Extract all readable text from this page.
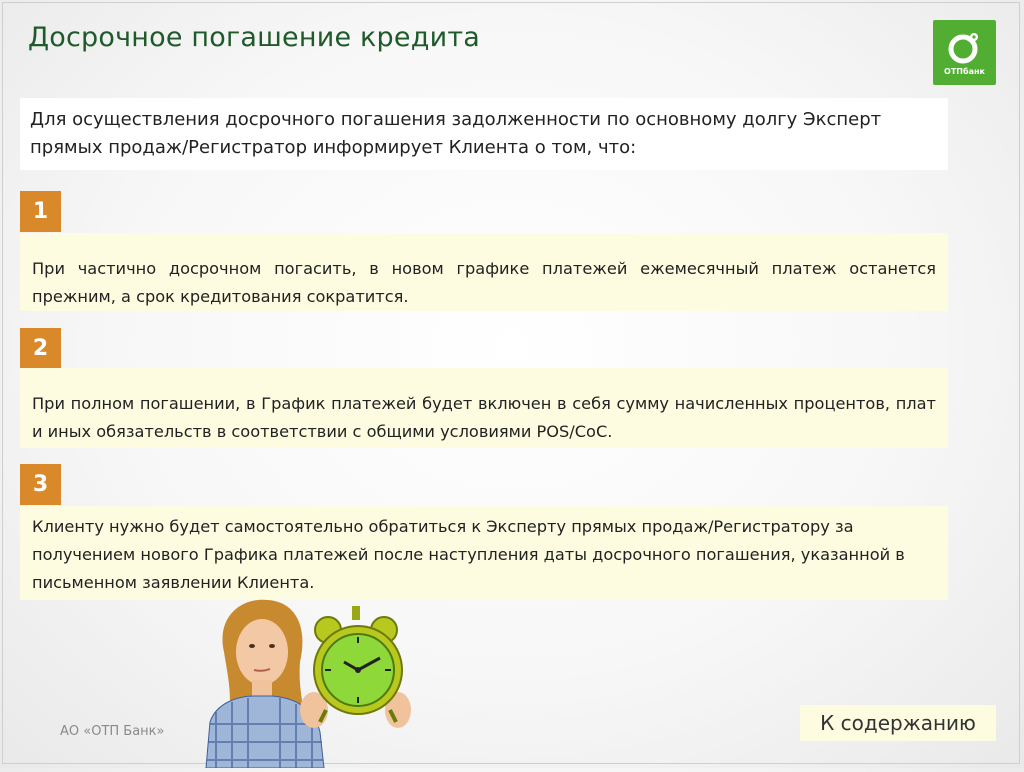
Досрочное погашение кредита
ОТПбанк
Для осуществления досрочного погашения задолженности по основному долгу Эксперт прямых продаж/Регистратор информирует Клиента о том, что:
1
При частично досрочном погасить, в новом графике платежей ежемесячный платеж останется прежним, а срок кредитования сократится.
2
При полном погашении, в График платежей будет включен в себя сумму начисленных процентов, плат и иных обязательств в соответствии с общими условиями POS/CoC.
3
Клиенту нужно будет самостоятельно обратиться к Эксперту прямых продаж/Регистратору за получением нового Графика платежей после наступления даты досрочного погашения, указанной в письменном заявлении Клиента.
АО «ОТП Банк»	К содержанию
